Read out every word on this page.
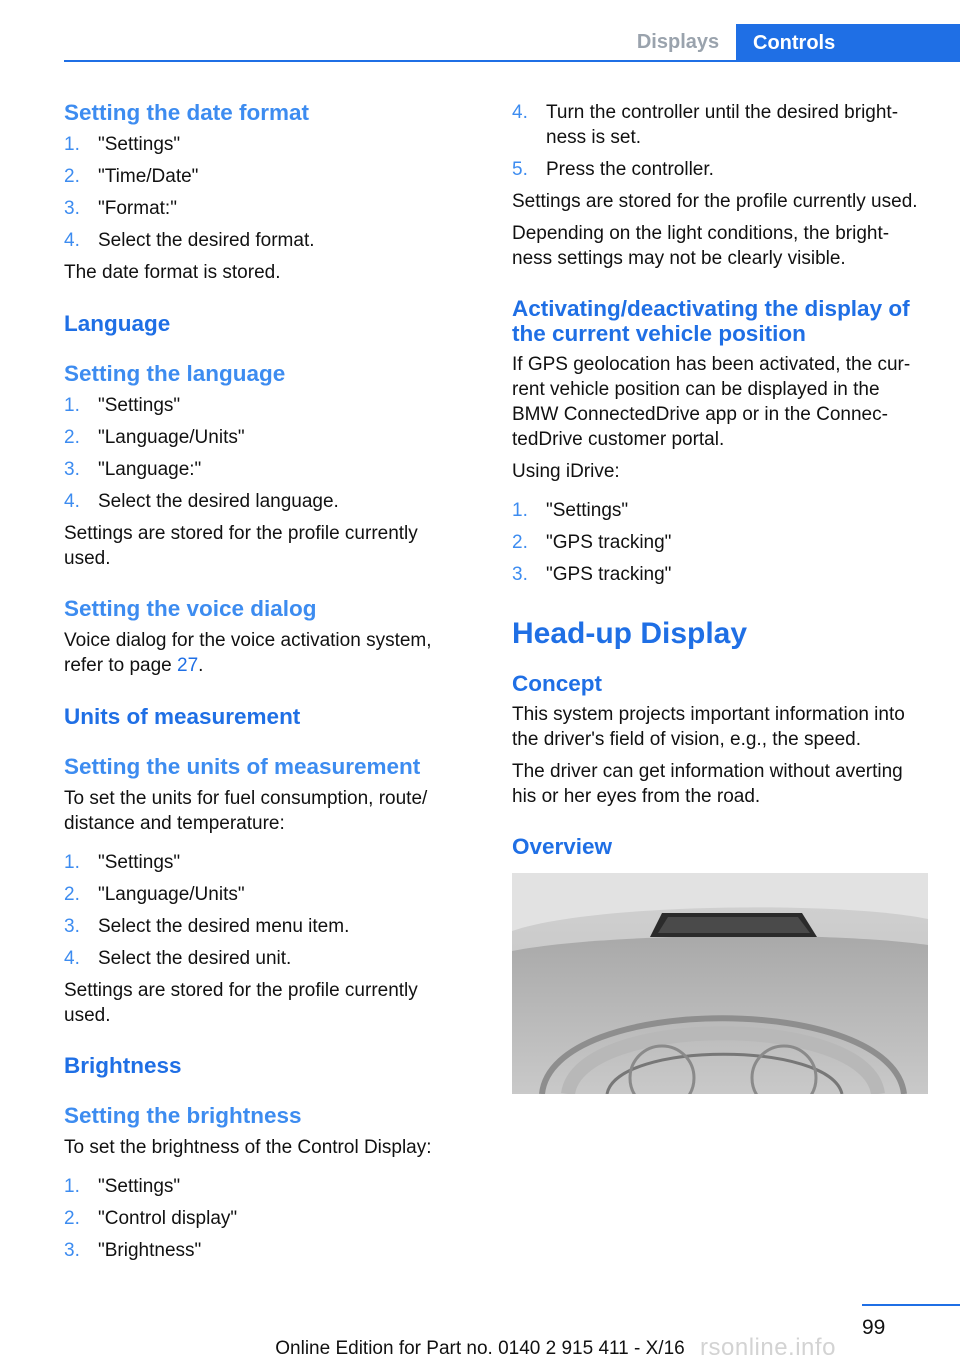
Displays	Controls
Setting the date format
1. "Settings"
2. "Time/Date"
3. "Format:"
4. Select the desired format.

The date format is stored.

Language
Setting the language
1. "Settings"
2. "Language/Units"
3. "Language:"
4. Select the desired language.

Settings are stored for the profile currently used.

Setting the voice dialog

Voice dialog for the voice activation system, refer to page 27.

Units of measurement
Setting the units of measurement

To set the units for fuel consumption, route/ distance and temperature:

1. "Settings"
2. "Language/Units"
3. Select the desired menu item.
4. Select the desired unit.

Settings are stored for the profile currently used.

Brightness
Setting the brightness

To set the brightness of the Control Display:

1. "Settings"
2. "Control display"
3. "Brightness"
4. Turn the controller until the desired bright‐ ness is set.
5. Press the controller.

Settings are stored for the profile currently used.

Depending on the light conditions, the bright‐ ness settings may not be clearly visible.

Activating/deactivating the display of the current vehicle position

If GPS geolocation has been activated, the cur‐ rent vehicle position can be displayed in the BMW ConnectedDrive app or in the Connec‐ tedDrive customer portal.

Using iDrive:

1. "Settings"
2. "GPS tracking"
3. "GPS tracking"
Head-up Display
Concept

This system projects important information into the driver's field of vision, e.g., the speed.

The driver can get information without averting his or her eyes from the road.

Overview
99
rsonline.info
Online Edition for Part no. 0140 2 915 411 - X/16
